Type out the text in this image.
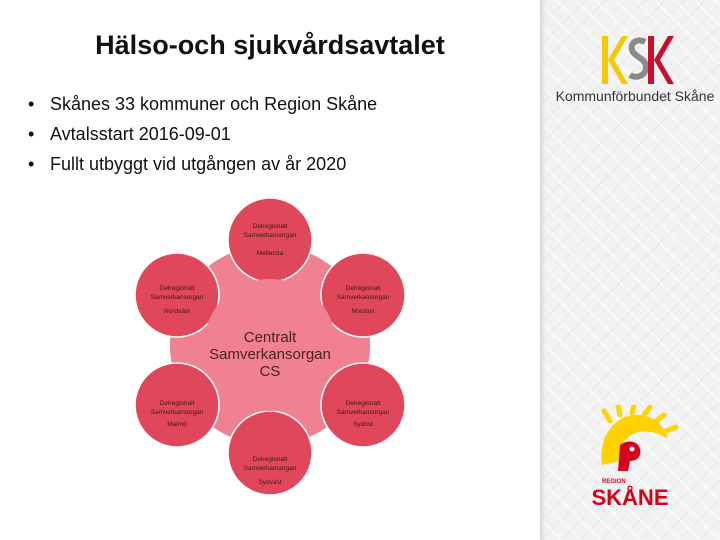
Hälso-och sjukvårdsavtalet
• Skånes 33 kommuner och Region Skåne
• Avtalsstart 2016-09-01
• Fullt utbyggt vid utgången av år 2020
Delregionalt
Samverkansorgan
Mellersta
Delregionalt
Samverkansorgan
Nordost
Delregionalt
Samverkansorgan
Sydost
Delregionalt
Samverkansorgan
Sydväst
Delregionalt
Samverkansorgan
Malmö
Delregionalt
Samverkansorgan
Nordväst
Centralt
Samverkansorgan
CS
KSK
Kommunförbundet Skåne
REGION
SKÅNE
